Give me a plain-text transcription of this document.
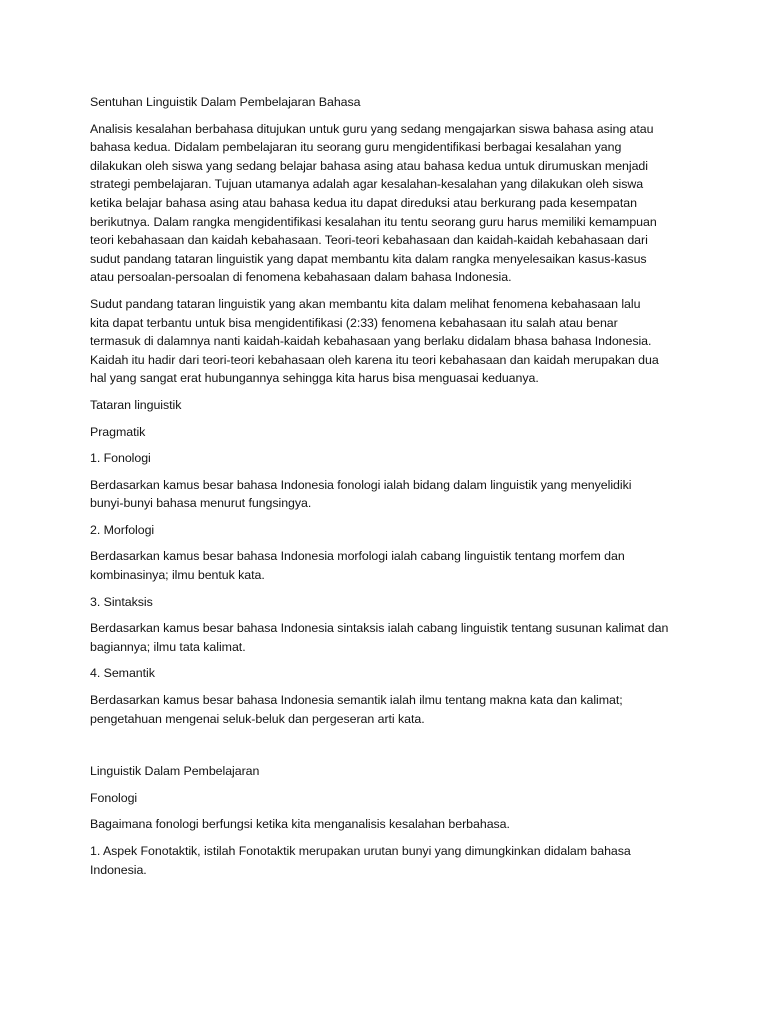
Sentuhan Linguistik Dalam Pembelajaran Bahasa

Analisis kesalahan berbahasa ditujukan untuk guru yang sedang mengajarkan siswa bahasa asing atau
bahasa kedua. Didalam pembelajaran itu seorang guru mengidentifikasi berbagai kesalahan yang
dilakukan oleh siswa yang sedang belajar bahasa asing atau bahasa kedua untuk dirumuskan menjadi
strategi pembelajaran. Tujuan utamanya adalah agar kesalahan-kesalahan yang dilakukan oleh siswa
ketika belajar bahasa asing atau bahasa kedua itu dapat direduksi atau berkurang pada kesempatan
berikutnya. Dalam rangka mengidentifikasi kesalahan itu tentu seorang guru harus memiliki kemampuan
teori kebahasaan dan kaidah kebahasaan. Teori-teori kebahasaan dan kaidah-kaidah kebahasaan dari
sudut pandang tataran linguistik yang dapat membantu kita dalam rangka menyelesaikan kasus-kasus
atau persoalan-persoalan di fenomena kebahasaan dalam bahasa Indonesia.

Sudut pandang tataran linguistik yang akan membantu kita dalam melihat fenomena kebahasaan lalu
kita dapat terbantu untuk bisa mengidentifikasi (2:33) fenomena kebahasaan itu salah atau benar
termasuk di dalamnya nanti kaidah-kaidah kebahasaan yang berlaku didalam bhasa bahasa Indonesia.
Kaidah itu hadir dari teori-teori kebahasaan oleh karena itu teori kebahasaan dan kaidah merupakan dua
hal yang sangat erat hubungannya sehingga kita harus bisa menguasai keduanya.

Tataran linguistik

Pragmatik

1. Fonologi

Berdasarkan kamus besar bahasa Indonesia fonologi ialah bidang dalam linguistik yang menyelidiki
bunyi-bunyi bahasa menurut fungsingya.

2. Morfologi

Berdasarkan kamus besar bahasa Indonesia morfologi ialah cabang linguistik tentang morfem dan
kombinasinya; ilmu bentuk kata.

3. Sintaksis

Berdasarkan kamus besar bahasa Indonesia sintaksis ialah cabang linguistik tentang susunan kalimat dan
bagiannya; ilmu tata kalimat.

4. Semantik

Berdasarkan kamus besar bahasa Indonesia semantik ialah ilmu tentang makna kata dan kalimat;
pengetahuan mengenai seluk-beluk dan pergeseran arti kata.

Linguistik Dalam Pembelajaran

Fonologi

Bagaimana fonologi berfungsi ketika kita menganalisis kesalahan berbahasa.

1. Aspek Fonotaktik, istilah Fonotaktik merupakan urutan bunyi yang dimungkinkan didalam bahasa
Indonesia.
